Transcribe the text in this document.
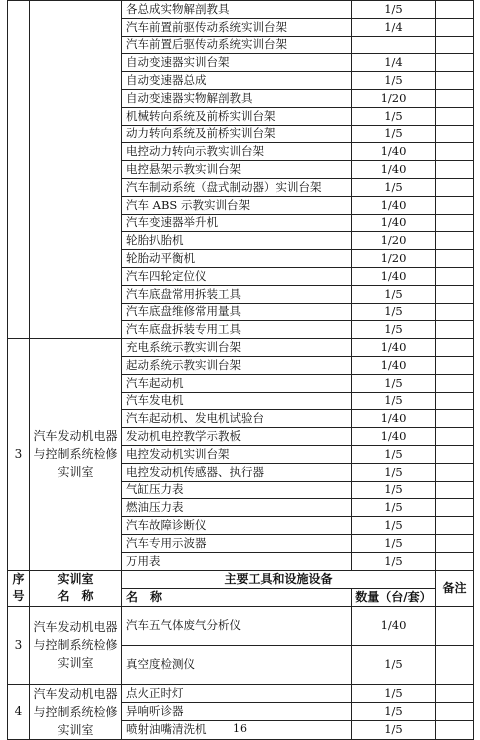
		各总成实物解剖教具	1/5	
		汽车前置前驱传动系统实训台架	1/4	
		汽车前置后驱传动系统实训台架		
		自动变速器实训台架	1/4	
		自动变速器总成	1/5	
		自动变速器实物解剖教具	1/20	
		机械转向系统及前桥实训台架	1/5	
		动力转向系统及前桥实训台架	1/5	
		电控动力转向示教实训台架	1/40	
		电控悬架示教实训台架	1/40	
		汽车制动系统（盘式制动器）实训台架	1/5	
		汽车 ABS 示教实训台架	1/40	
		汽车变速器举升机	1/40	
		轮胎扒胎机	1/20	
		轮胎动平衡机	1/20	
		汽车四轮定位仪	1/40	
		汽车底盘常用拆装工具	1/5	
		汽车底盘维修常用量具	1/5	
		汽车底盘拆装专用工具	1/5	
3	汽车发动机电器与控制系统检修实训室	充电系统示教实训台架	1/40	
		起动系统示教实训台架	1/40	
		汽车起动机	1/5	
		汽车发电机	1/5	
		汽车起动机、发电机试验台	1/40	
		发动机电控教学示教板	1/40	
		电控发动机实训台架	1/5	
		电控发动机传感器、执行器	1/5	
		气缸压力表	1/5	
		燃油压力表	1/5	
		汽车故障诊断仪	1/5	
		汽车专用示波器	1/5	
		万用表	1/5	
序号	实训室
名　称	主要工具和设施设备		备注
		名　称	数量（台/套）	
3	汽车发动机电器与控制系统检修实训室	汽车五气体废气分析仪	1/40	
		真空度检测仪	1/5	
4	汽车发动机电器与控制系统检修实训室	点火正时灯	1/5	
		异响听诊器	1/5	
		喷射油嘴清洗机	1/5	
16
